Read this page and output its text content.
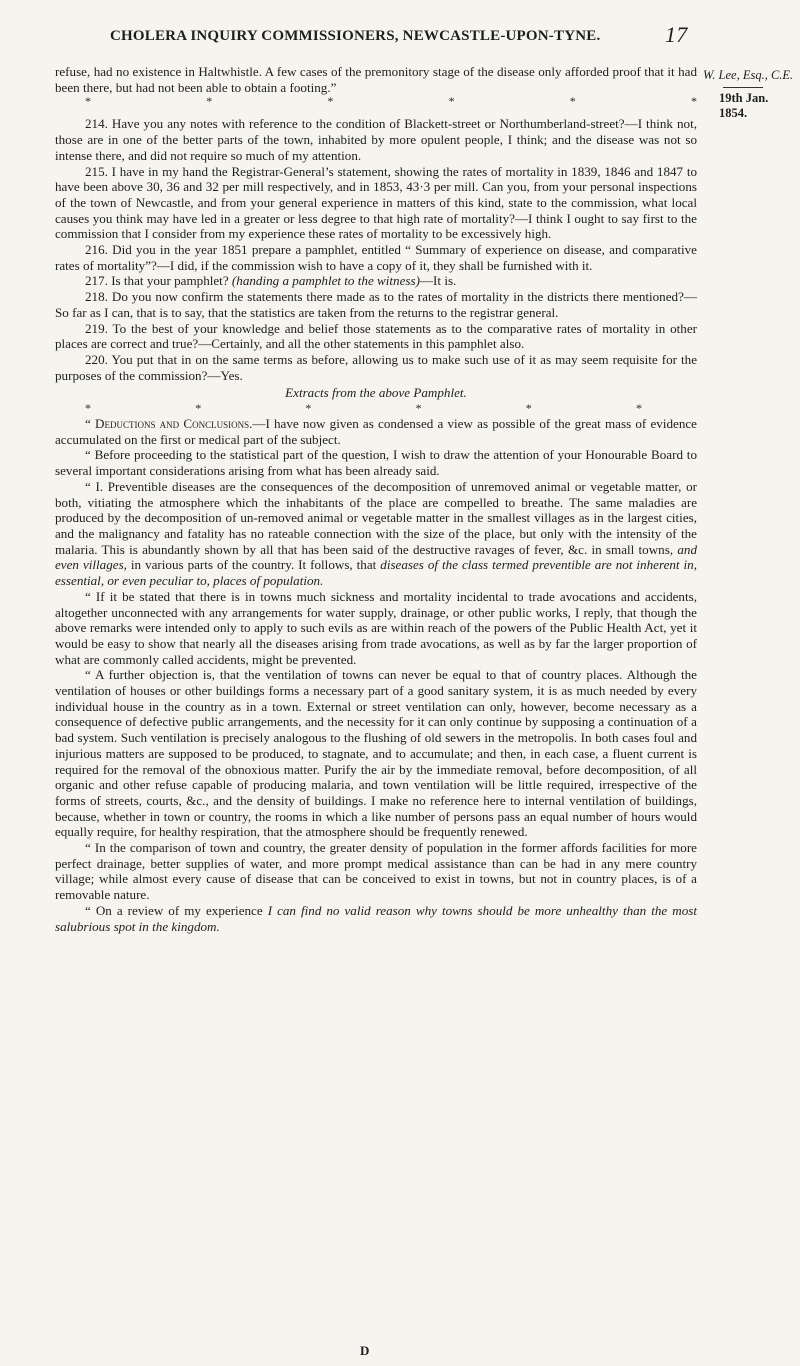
CHOLERA INQUIRY COMMISSIONERS, NEWCASTLE-UPON-TYNE.	17
W. Lee, Esq., C.E.
19th Jan. 1854.

refuse, had no existence in Haltwhistle. A few cases of the premonitory stage of the disease only afforded proof that it had been there, but had not been able to obtain a footing.”

*	*	*	*	*	*

214. Have you any notes with reference to the condition of Blackett-street or Northumberland-street?—I think not, those are in one of the better parts of the town, inhabited by more opulent people, I think; and the disease was not so intense there, and did not require so much of my attention.

215. I have in my hand the Registrar-General’s statement, showing the rates of mortality in 1839, 1846 and 1847 to have been above 30, 36 and 32 per mill respectively, and in 1853, 43·3 per mill. Can you, from your personal inspections of the town of Newcastle, and from your general experience in matters of this kind, state to the commission, what local causes you think may have led in a greater or less degree to that high rate of mortality?—I think I ought to say first to the commission that I consider from my experience these rates of mortality to be excessively high.

216. Did you in the year 1851 prepare a pamphlet, entitled “ Summary of experience on disease, and comparative rates of mortality”?—I did, if the commission wish to have a copy of it, they shall be furnished with it.

217. Is that your pamphlet? (handing a pamphlet to the witness)—It is.

218. Do you now confirm the statements there made as to the rates of mortality in the districts there mentioned?—So far as I can, that is to say, that the statistics are taken from the returns to the registrar general.

219. To the best of your knowledge and belief those statements as to the comparative rates of mortality in other places are correct and true?—Certainly, and all the other statements in this pamphlet also.

220. You put that in on the same terms as before, allowing us to make such use of it as may seem requisite for the purposes of the commission?—Yes.

Extracts from the above Pamphlet.
*	*	*	*	*	*

“ Deductions and Conclusions.—I have now given as condensed a view as possible of the great mass of evidence accumulated on the first or medical part of the subject.

“ Before proceeding to the statistical part of the question, I wish to draw the attention of your Honourable Board to several important considerations arising from what has been already said.

“ I. Preventible diseases are the consequences of the decomposition of unremoved animal or vegetable matter, or both, vitiating the atmosphere which the inhabitants of the place are compelled to breathe. The same maladies are produced by the decomposition of un-removed animal or vegetable matter in the smallest villages as in the largest cities, and the malignancy and fatality has no rateable connection with the size of the place, but only with the intensity of the malaria. This is abundantly shown by all that has been said of the destructive ravages of fever, &c. in small towns, and even villages, in various parts of the country. It follows, that diseases of the class termed preventible are not inherent in, essential, or even peculiar to, places of population.

“ If it be stated that there is in towns much sickness and mortality incidental to trade avocations and accidents, altogether unconnected with any arrangements for water supply, drainage, or other public works, I reply, that though the above remarks were intended only to apply to such evils as are within reach of the powers of the Public Health Act, yet it would be easy to show that nearly all the diseases arising from trade avocations, as well as by far the larger proportion of what are commonly called accidents, might be prevented.

“ A further objection is, that the ventilation of towns can never be equal to that of country places. Although the ventilation of houses or other buildings forms a necessary part of a good sanitary system, it is as much needed by every individual house in the country as in a town. External or street ventilation can only, however, become necessary as a consequence of defective public arrangements, and the necessity for it can only continue by supposing a continuation of a bad system. Such ventilation is precisely analogous to the flushing of old sewers in the metropolis. In both cases foul and injurious matters are supposed to be produced, to stagnate, and to accumulate; and then, in each case, a fluent current is required for the removal of the obnoxious matter. Purify the air by the immediate removal, before decomposition, of all organic and other refuse capable of producing malaria, and town ventilation will be little required, irrespective of the forms of streets, courts, &c., and the density of buildings. I make no reference here to internal ventilation of buildings, because, whether in town or country, the rooms in which a like number of persons pass an equal number of hours would equally require, for healthy respiration, that the atmosphere should be frequently renewed.

“ In the comparison of town and country, the greater density of population in the former affords facilities for more perfect drainage, better supplies of water, and more prompt medical assistance than can be had in any mere country village; while almost every cause of disease that can be conceived to exist in towns, but not in country places, is of a removable nature.

“ On a review of my experience I can find no valid reason why towns should be more unhealthy than the most salubrious spot in the kingdom.

D
